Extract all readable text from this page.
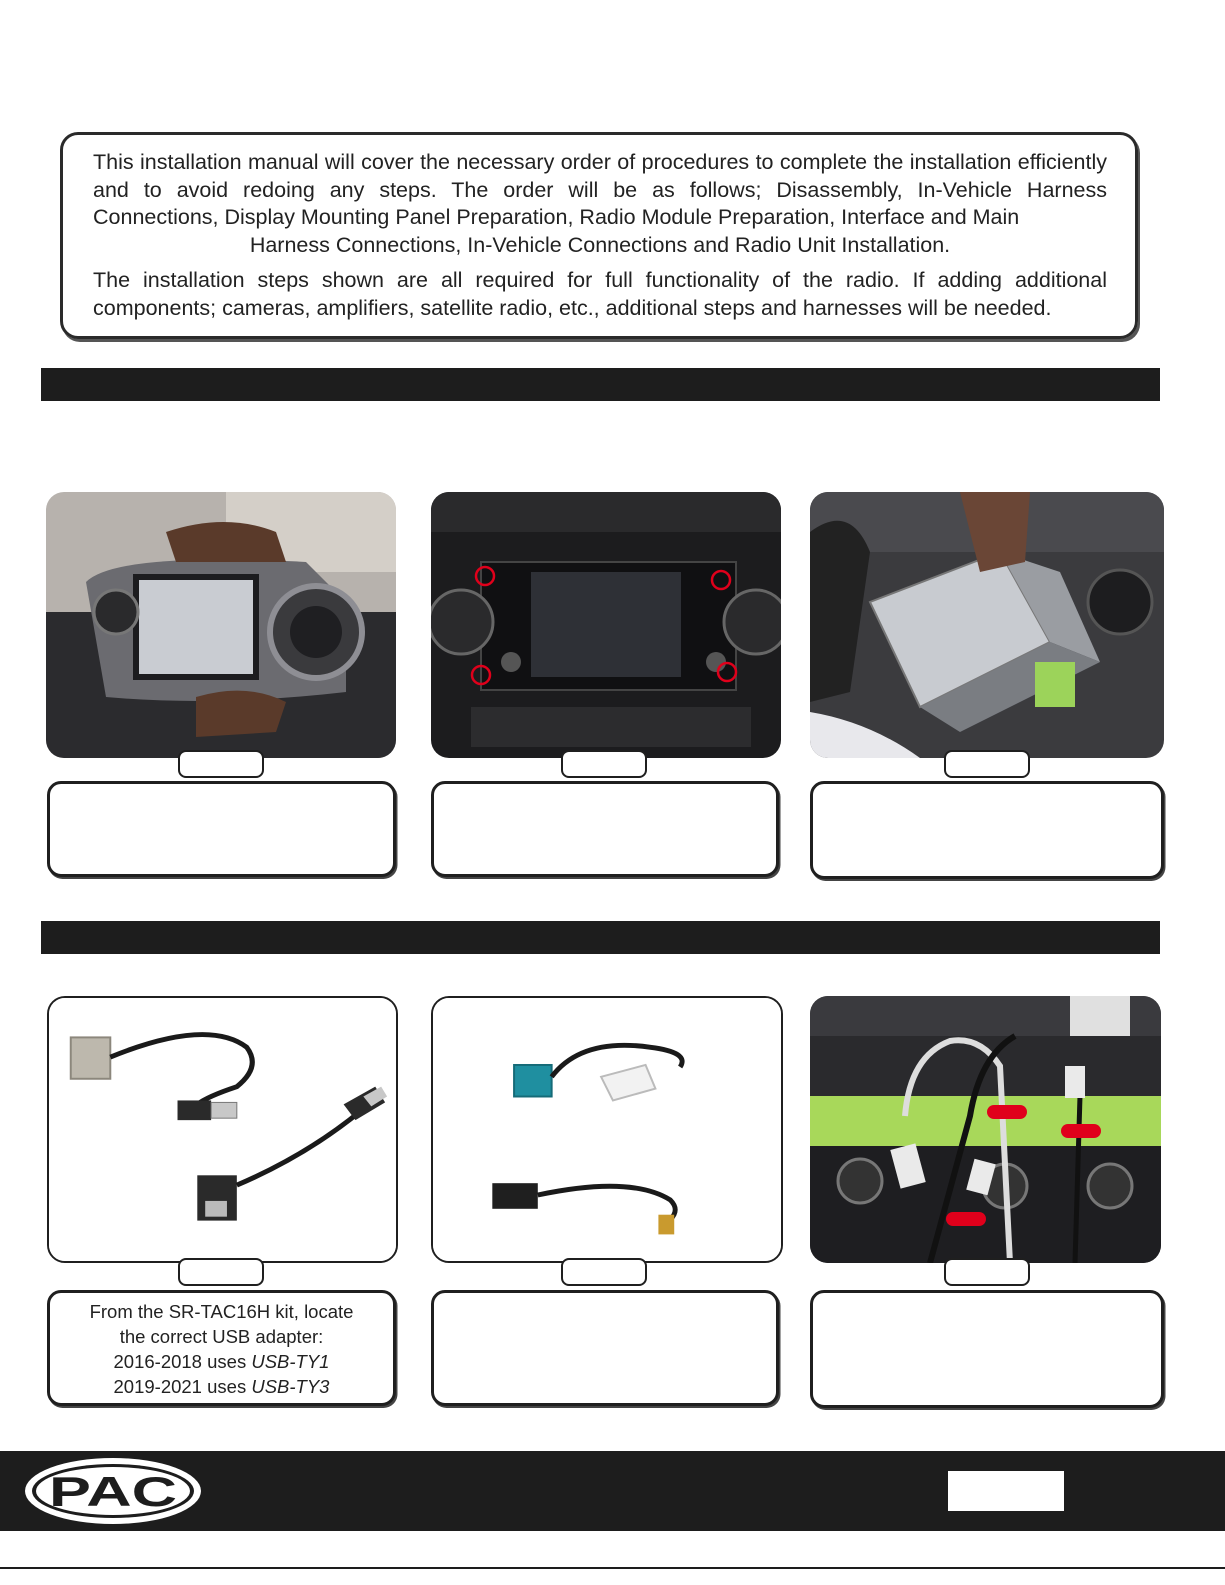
This installation manual will cover the necessary order of procedures to complete the installation efficiently and to avoid redoing any steps. The order will be as follows; Disassembly, In-Vehicle Harness Connections, Display Mounting Panel Preparation, Radio Module Preparation, Interface and Main
Harness Connections, In-Vehicle Connections and Radio Unit Installation.

The installation steps shown are all required for full functionality of the radio. If adding additional components; cameras, amplifiers, satellite radio, etc., additional steps and harnesses will be needed.

From the SR-TAC16H kit, locate
the correct USB adapter:
2016-2018 uses USB-TY1
2019-2021 uses USB-TY3
PAC
